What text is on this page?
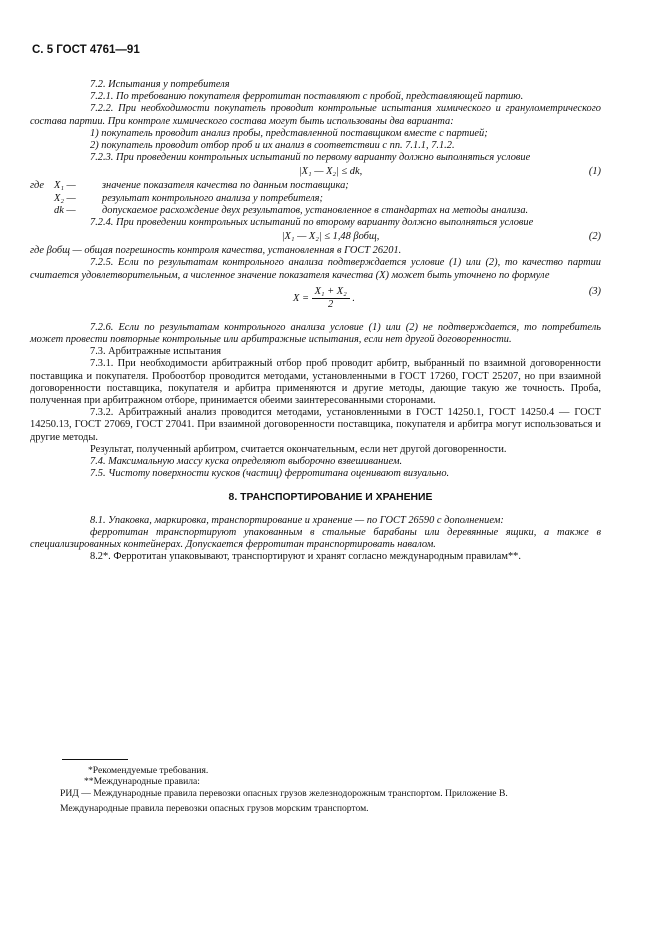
С. 5 ГОСТ 4761—91

7.2. Испытания у потребителя

7.2.1. По требованию покупателя ферротитан поставляют с пробой, представляющей партию.

7.2.2. При необходимости покупатель проводит контрольные испытания химического и гранулометрического состава партии. При контроле химического состава могут быть использованы два варианта:

1) покупатель проводит анализ пробы, представленной поставщиком вместе с партией;

2) покупатель проводит отбор проб и их анализ в соответствии с пп. 7.1.1, 7.1.2.

7.2.3. При проведении контрольных испытаний по первому варианту должно выполняться условие

|X₁ — X₂| ≤ dk,	(1)
где X₁ —	значение показателя качества по данным поставщика;
X₂ —	результат контрольного анализа у потребителя;
dk —	допускаемое расхождение двух результатов, установленное в стандартах на методы анализа.

7.2.4. При проведении контрольных испытаний по второму варианту должно выполняться условие

|X₁ — X₂| ≤ 1,48 βобщ,	(2)

где βобщ — общая погрешность контроля качества, установленная в ГОСТ 26201.

7.2.5. Если по результатам контрольного анализа подтверждается условие (1) или (2), то качество партии считается удовлетворительным, а численное значение показателя качества (X) может быть уточнено по формуле

$X = \frac{\text{X₁ + X₂}}{2}$ .
(3)

7.2.6. Если по результатам контрольного анализа условие (1) или (2) не подтверждается, то потребитель может провести повторные контрольные или арбитражные испытания, если нет другой договоренности.

7.3. Арбитражные испытания

7.3.1. При необходимости арбитражный отбор проб проводит арбитр, выбранный по взаимной договоренности поставщика и покупателя. Пробоотбор проводится методами, установленными в ГОСТ 17260, ГОСТ 25207, но при взаимной договоренности поставщика, покупателя и арбитра применяются и другие методы, дающие такую же точность. Проба, полученная при арбитражном отборе, принимается обеими заинтересованными сторонами.

7.3.2. Арбитражный анализ проводится методами, установленными в ГОСТ 14250.1, ГОСТ 14250.4 — ГОСТ 14250.13, ГОСТ 27069, ГОСТ 27041. При взаимной договоренности поставщика, покупателя и арбитра могут использоваться и другие методы.

Результат, полученный арбитром, считается окончательным, если нет другой договоренности.

7.4. Максимальную массу куска определяют выборочно взвешиванием.

7.5. Чистоту поверхности кусков (частиц) ферротитана оценивают визуально.

8. ТРАНСПОРТИРОВАНИЕ И ХРАНЕНИЕ

8.1. Упаковка, маркировка, транспортирование и хранение — по ГОСТ 26590 с дополнением:

ферротитан транспортируют упакованным в стальные барабаны или деревянные ящики, а также в специализированных контейнерах. Допускается ферротитан транспортировать навалом.

8.2*. Ферротитан упаковывают, транспортируют и хранят согласно международным правилам**.

*Рекомендуемые требования.

**Международные правила:

РИД — Международные правила перевозки опасных грузов железнодорожным транспортом. Приложение В.

Международные правила перевозки опасных грузов морским транспортом.
